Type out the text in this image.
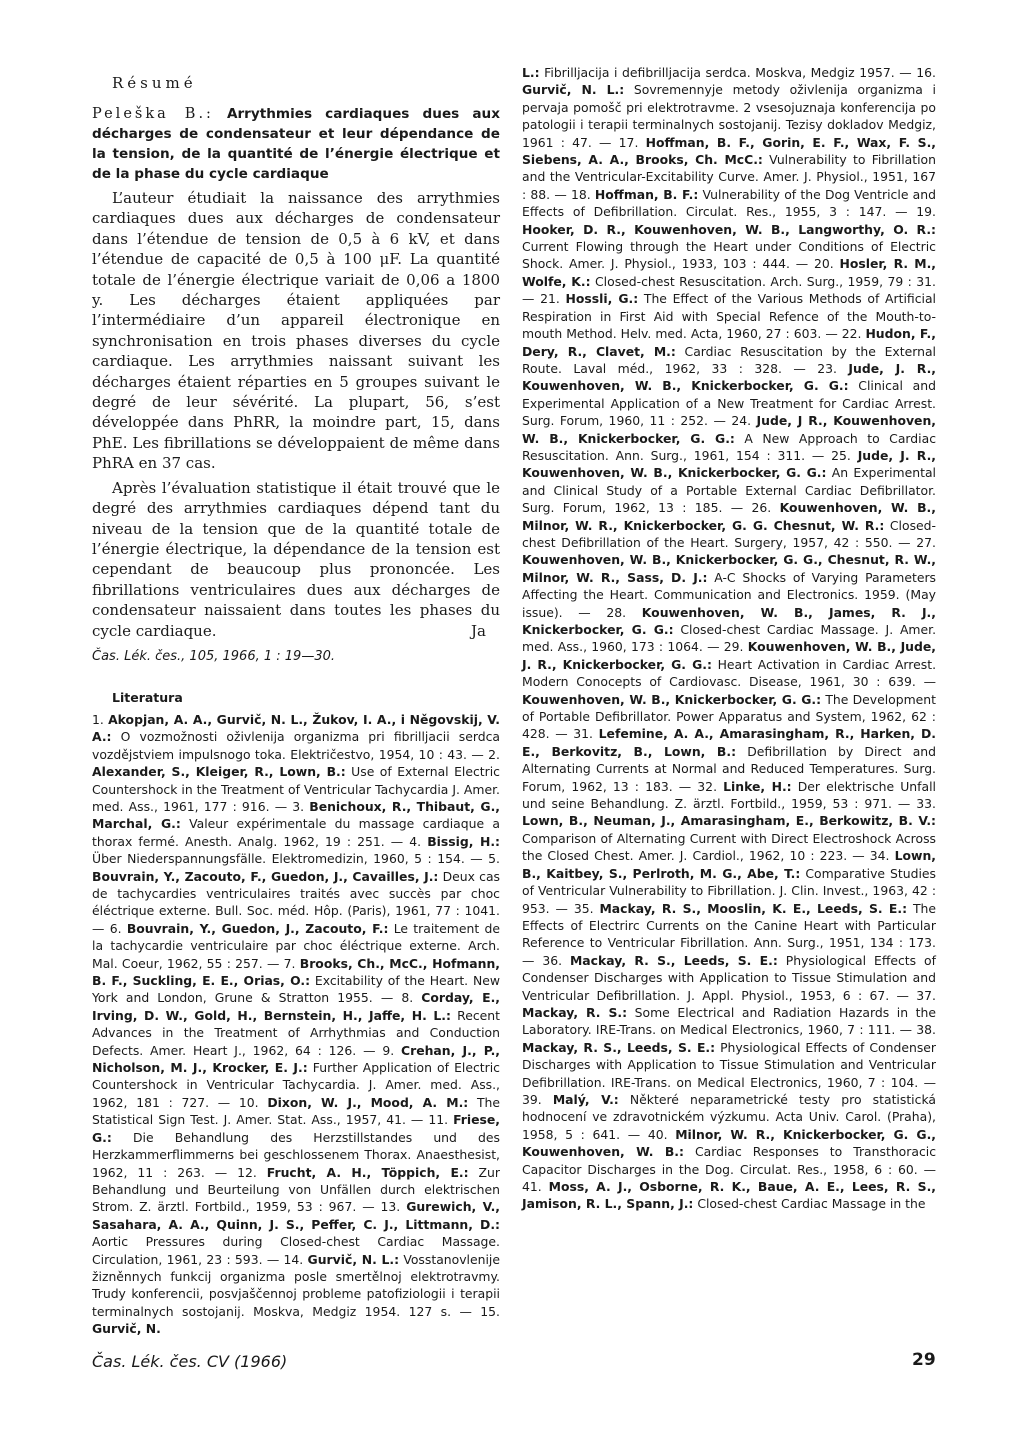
Résumé

Peleška B.: Arrythmies cardiaques dues aux décharges de condensateur et leur dépendance de la tension, de la quantité de l’énergie électrique et de la phase du cycle cardiaque

L’auteur étudiait la naissance des arrythmies cardiaques dues aux décharges de condensateur dans l’étendue de tension de 0,5 à 6 kV, et dans l’étendue de capacité de 0,5 à 100 μF. La quantité totale de l’énergie électrique variait de 0,06 a 1800 y. Les décharges étaient appliquées par l’intermédiaire d’un appareil électronique en synchronisation en trois phases diverses du cycle cardiaque. Les arrythmies naissant suivant les décharges étaient réparties en 5 groupes suivant le degré de leur sévérité. La plupart, 56, s’est développée dans PhRR, la moindre part, 15, dans PhE. Les fibrillations se développaient de même dans PhRA en 37 cas.

Après l’évaluation statistique il était trouvé que le degré des arrythmies cardiaques dépend tant du niveau de la tension que de la quantité totale de l’énergie électrique, la dépendance de la tension est cependant de beaucoup plus prononcée. Les fibrillations ventriculaires dues aux décharges de condensateur naissaient dans toutes les phases du cycle cardiaque.	Ja

Čas. Lék. čes., 105, 1966, 1 : 19—30.

Literatura

1. Akopjan, A. A., Gurvič, N. L., Žukov, I. A., i Něgovskij, V. A.: O vozmožnosti oživlenija organizma pri fibrilljacii serdca vozdějstviem impulsnogo toka. Električestvo, 1954, 10 : 43. — 2. Alexander, S., Kleiger, R., Lown, B.: Use of External Electric Countershock in the Treatment of Ventricular Tachycardia J. Amer. med. Ass., 1961, 177 : 916. — 3. Benichoux, R., Thibaut, G., Marchal, G.: Valeur expérimentale du massage cardiaque a thorax fermé. Anesth. Analg. 1962, 19 : 251. — 4. Bissig, H.: Über Niederspannungsfälle. Elektromedizin, 1960, 5 : 154. — 5. Bouvrain, Y., Zacouto, F., Guedon, J., Cavailles, J.: Deux cas de tachycardies ventriculaires traités avec succès par choc éléctrique externe. Bull. Soc. méd. Hôp. (Paris), 1961, 77 : 1041. — 6. Bouvrain, Y., Guedon, J., Zacouto, F.: Le traitement de la tachycardie ventriculaire par choc éléctrique externe. Arch. Mal. Coeur, 1962, 55 : 257. — 7. Brooks, Ch., McC., Hofmann, B. F., Suckling, E. E., Orias, O.: Excitability of the Heart. New York and London, Grune & Stratton 1955. — 8. Corday, E., Irving, D. W., Gold, H., Bernstein, H., Jaffe, H. L.: Recent Advances in the Treatment of Arrhythmias and Conduction Defects. Amer. Heart J., 1962, 64 : 126. — 9. Crehan, J., P., Nicholson, M. J., Krocker, E. J.: Further Application of Electric Countershock in Ventricular Tachycardia. J. Amer. med. Ass., 1962, 181 : 727. — 10. Dixon, W. J., Mood, A. M.: The Statistical Sign Test. J. Amer. Stat. Ass., 1957, 41. — 11. Friese, G.: Die Behandlung des Herzstillstandes und des Herzkammerflimmerns bei geschlossenem Thorax. Anaesthesist, 1962, 11 : 263. — 12. Frucht, A. H., Töppich, E.: Zur Behandlung und Beurteilung von Unfällen durch elektrischen Strom. Z. ärztl. Fortbild., 1959, 53 : 967. — 13. Gurewich, V., Sasahara, A. A., Quinn, J. S., Peffer, C. J., Littmann, D.: Aortic Pressures during Closed-chest Cardiac Massage. Circulation, 1961, 23 : 593. — 14. Gurvič, N. L.: Vosstanovlenije žizněnnych funkcij organizma posle smertělnoj elektrotravmy. Trudy konferencii, posvjaščennoj probleme patofiziologii i terapii terminalnych sostojanij. Moskva, Medgiz 1954. 127 s. — 15. Gurvič, N.

L.: Fibrilljacija i defibrilljacija serdca. Moskva, Medgiz 1957. — 16. Gurvič, N. L.: Sovremennyje metody oživlenija organizma i pervaja pomošč pri elektrotravme. 2 vsesojuznaja konferencija po patologii i terapii terminalnych sostojanij. Tezisy dokladov Medgiz, 1961 : 47. — 17. Hoffman, B. F., Gorin, E. F., Wax, F. S., Siebens, A. A., Brooks, Ch. McC.: Vulnerability to Fibrillation and the Ventricular-Excitability Curve. Amer. J. Physiol., 1951, 167 : 88. — 18. Hoffman, B. F.: Vulnerability of the Dog Ventricle and Effects of Defibrillation. Circulat. Res., 1955, 3 : 147. — 19. Hooker, D. R., Kouwenhoven, W. B., Langworthy, O. R.: Current Flowing through the Heart under Conditions of Electric Shock. Amer. J. Physiol., 1933, 103 : 444. — 20. Hosler, R. M., Wolfe, K.: Closed-chest Resuscitation. Arch. Surg., 1959, 79 : 31. — 21. Hossli, G.: The Effect of the Various Methods of Artificial Respiration in First Aid with Special Refence of the Mouth-to-mouth Method. Helv. med. Acta, 1960, 27 : 603. — 22. Hudon, F., Dery, R., Clavet, M.: Cardiac Resuscitation by the External Route. Laval méd., 1962, 33 : 328. — 23. Jude, J. R., Kouwenhoven, W. B., Knickerbocker, G. G.: Clinical and Experimental Application of a New Treatment for Cardiac Arrest. Surg. Forum, 1960, 11 : 252. — 24. Jude, J R., Kouwenhoven, W. B., Knickerbocker, G. G.: A New Approach to Cardiac Resuscitation. Ann. Surg., 1961, 154 : 311. — 25. Jude, J. R., Kouwenhoven, W. B., Knickerbocker, G. G.: An Experimental and Clinical Study of a Portable External Cardiac Defibrillator. Surg. Forum, 1962, 13 : 185. — 26. Kouwenhoven, W. B., Milnor, W. R., Knickerbocker, G. G. Chesnut, W. R.: Closed-chest Defibrillation of the Heart. Surgery, 1957, 42 : 550. — 27. Kouwenhoven, W. B., Knickerbocker, G. G., Chesnut, R. W., Milnor, W. R., Sass, D. J.: A-C Shocks of Varying Parameters Affecting the Heart. Communication and Electronics. 1959. (May issue). — 28. Kouwenhoven, W. B., James, R. J., Knickerbocker, G. G.: Closed-chest Cardiac Massage. J. Amer. med. Ass., 1960, 173 : 1064. — 29. Kouwenhoven, W. B., Jude, J. R., Knickerbocker, G. G.: Heart Activation in Cardiac Arrest. Modern Conocepts of Cardiovasc. Disease, 1961, 30 : 639. — Kouwenhoven, W. B., Knickerbocker, G. G.: The Development of Portable Defibrillator. Power Apparatus and System, 1962, 62 : 428. — 31. Lefemine, A. A., Amarasingham, R., Harken, D. E., Berkovitz, B., Lown, B.: Defibrillation by Direct and Alternating Currents at Normal and Reduced Temperatures. Surg. Forum, 1962, 13 : 183. — 32. Linke, H.: Der elektrische Unfall und seine Behandlung. Z. ärztl. Fortbild., 1959, 53 : 971. — 33. Lown, B., Neuman, J., Amarasingham, E., Berkowitz, B. V.: Comparison of Alternating Current with Direct Electroshock Across the Closed Chest. Amer. J. Cardiol., 1962, 10 : 223. — 34. Lown, B., Kaitbey, S., Perlroth, M. G., Abe, T.: Comparative Studies of Ventricular Vulnerability to Fibrillation. J. Clin. Invest., 1963, 42 : 953. — 35. Mackay, R. S., Mooslin, K. E., Leeds, S. E.: The Effects of Electrirc Currents on the Canine Heart with Particular Reference to Ventricular Fibrillation. Ann. Surg., 1951, 134 : 173. — 36. Mackay, R. S., Leeds, S. E.: Physiological Effects of Condenser Discharges with Application to Tissue Stimulation and Ventricular Defibrillation. J. Appl. Physiol., 1953, 6 : 67. — 37. Mackay, R. S.: Some Electrical and Radiation Hazards in the Laboratory. IRE-Trans. on Medical Electronics, 1960, 7 : 111. — 38. Mackay, R. S., Leeds, S. E.: Physiological Effects of Condenser Discharges with Application to Tissue Stimulation and Ventricular Defibrillation. IRE-Trans. on Medical Electronics, 1960, 7 : 104. — 39. Malý, V.: Některé neparametrické testy pro statistická hodnocení ve zdravotnickém výzkumu. Acta Univ. Carol. (Praha), 1958, 5 : 641. — 40. Milnor, W. R., Knickerbocker, G. G., Kouwenhoven, W. B.: Cardiac Responses to Transthoracic Capacitor Discharges in the Dog. Circulat. Res., 1958, 6 : 60. — 41. Moss, A. J., Osborne, R. K., Baue, A. E., Lees, R. S., Jamison, R. L., Spann, J.: Closed-chest Cardiac Massage in the

Čas. Lék. čes. CV (1966)	29
